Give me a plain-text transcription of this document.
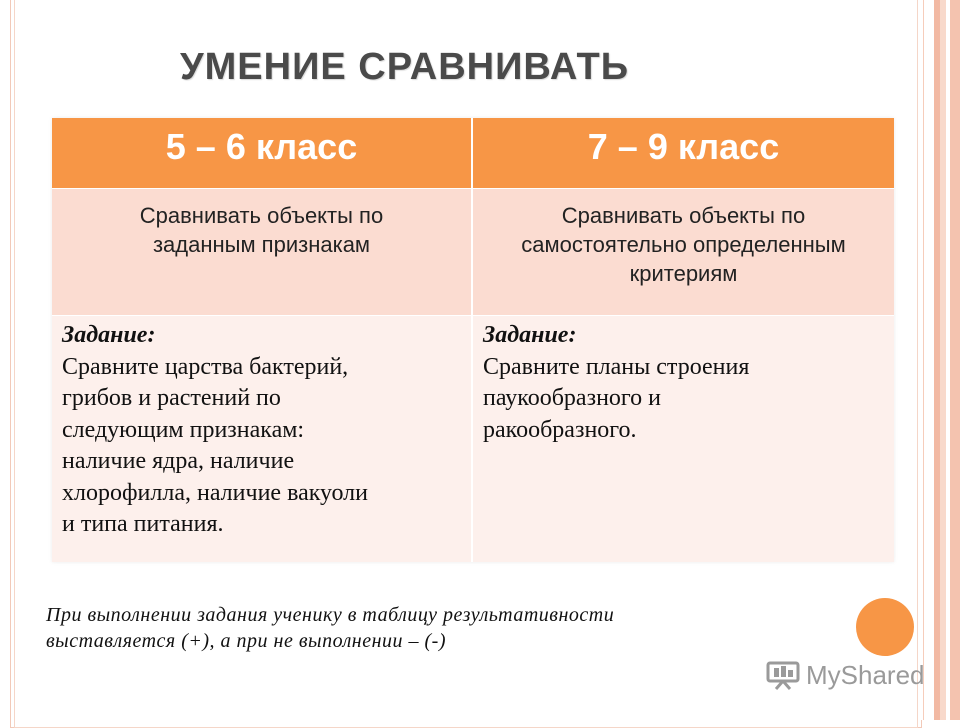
УМЕНИЕ СРАВНИВАТЬ
5 – 6 класс	7 – 9 класс
Сравнивать объекты по
заданным признакам
Сравнивать объекты по
самостоятельно определенным
критериям
Задание:
Сравните царства бактерий,
грибов и растений по
следующим признакам:
наличие ядра, наличие
хлорофилла, наличие вакуоли
и типа питания.
Задание:
Сравните планы строения
паукообразного и
ракообразного.
При выполнении задания ученику в таблицу результативности
выставляется (+), а при не выполнении – (-)
MyShared
